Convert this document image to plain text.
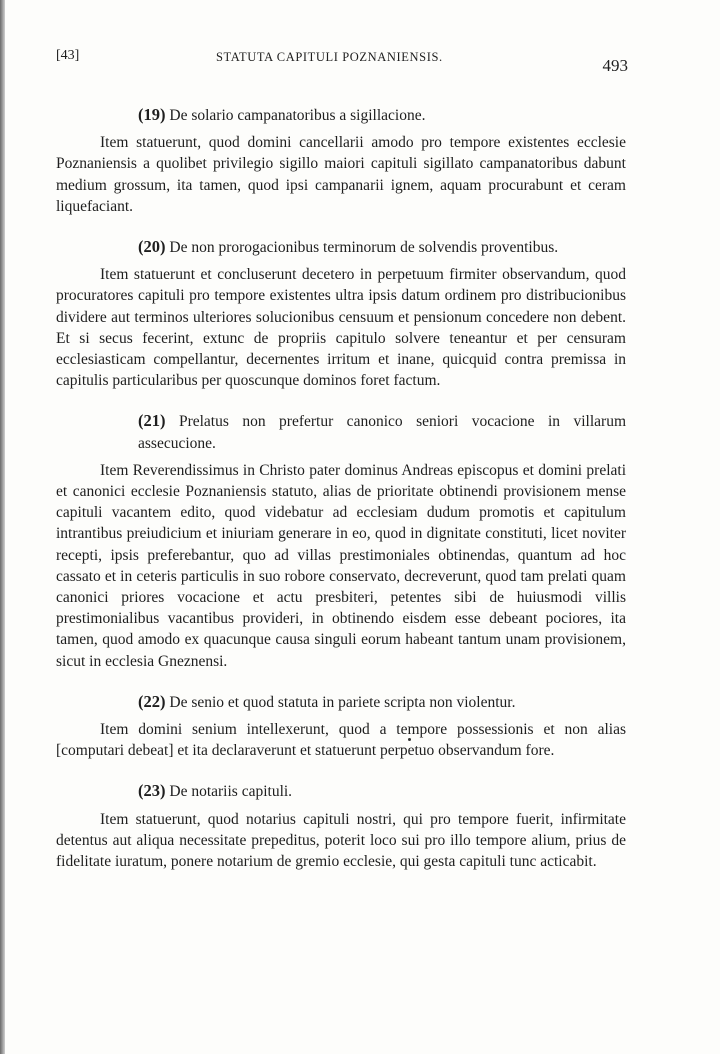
[43]	STATUTA CAPITULI POZNANIENSIS.	493

(19) De solario campanatoribus a sigillacione.

Item statuerunt, quod domini cancellarii amodo pro tempore existentes ecclesie Poznaniensis a quolibet privilegio sigillo maiori capituli sigillato campanatoribus dabunt medium grossum, ita tamen, quod ipsi campanarii ignem, aquam procurabunt et ceram liquefaciant.

(20) De non prorogacionibus terminorum de solvendis proventibus.

Item statuerunt et concluserunt decetero in perpetuum firmiter observandum, quod procuratores capituli pro tempore existentes ultra ipsis datum ordinem pro distribucionibus dividere aut terminos ulteriores solucionibus censuum et pensionum concedere non debent. Et si secus fecerint, extunc de propriis capitulo solvere teneantur et per censuram ecclesiasticam compellantur, decernentes irritum et inane, quicquid contra premissa in capitulis particularibus per quoscunque dominos foret factum.

(21) Prelatus non prefertur canonico seniori vocacione in villarum assecucione.

Item Reverendissimus in Christo pater dominus Andreas episcopus et domini prelati et canonici ecclesie Poznaniensis statuto, alias de prioritate obtinendi provisionem mense capituli vacantem edito, quod videbatur ad ecclesiam dudum promotis et capitulum intrantibus preiudicium et iniuriam generare in eo, quod in dignitate constituti, licet noviter recepti, ipsis preferebantur, quo ad villas prestimoniales obtinendas, quantum ad hoc cassato et in ceteris particulis in suo robore conservato, decreverunt, quod tam prelati quam canonici priores vocacione et actu presbiteri, petentes sibi de huiusmodi villis prestimonialibus vacantibus provideri, in obtinendo eisdem esse debeant pociores, ita tamen, quod amodo ex quacunque causa singuli eorum habeant tantum unam provisionem, sicut in ecclesia Gneznensi.

(22) De senio et quod statuta in pariete scripta non violentur.

Item domini senium intellexerunt, quod a tempore possessionis et non alias [computari debeat] et ita declaraverunt et statuerunt perpetuo observandum fore.

(23) De notariis capituli.

Item statuerunt, quod notarius capituli nostri, qui pro tempore fuerit, infirmitate detentus aut aliqua necessitate prepeditus, poterit loco sui pro illo tempore alium, prius de fidelitate iuratum, ponere notarium de gremio ecclesie, qui gesta capituli tunc acticabit.
